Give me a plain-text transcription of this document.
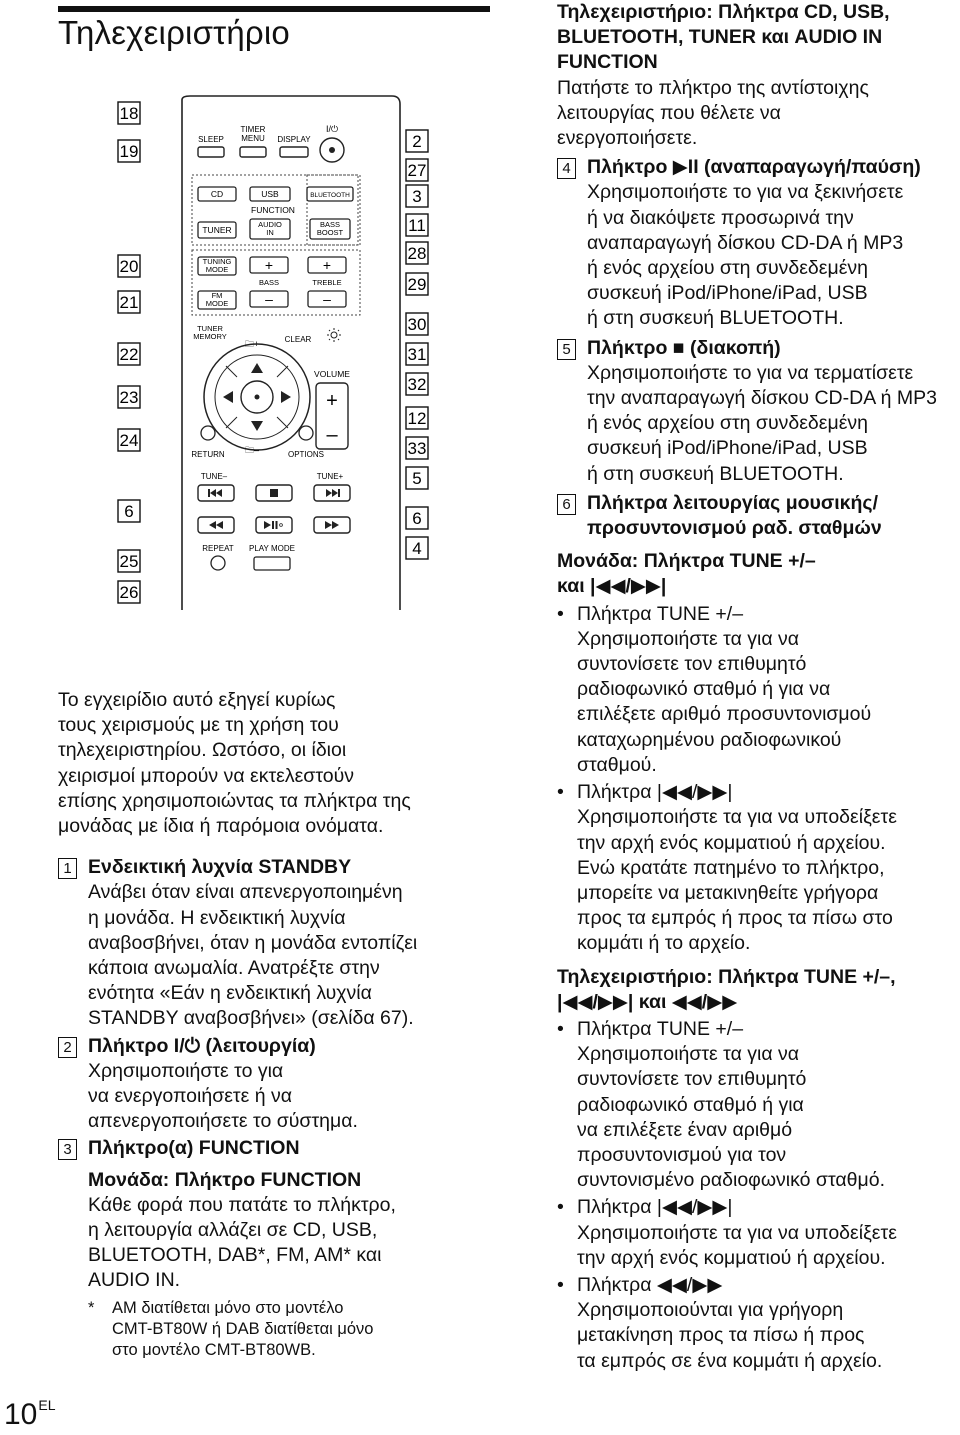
Τηλεχειριστήριο
SLEEP
TIMER MENU DISPLAY
I/⏻
CD	USB	BLUETOOTH
FUNCTION
TUNER
AUDIO IN
BASS BOOST
TUNING MODE
FM MODE
+
BASS
–
+
TREBLE
–
TUNER MEMORY
🗀+	CLEAR
VOLUME
+
–
RETURN	OPTIONS
🗀–
TUNE–	TUNE+
REPEAT PLAY MODE
18
19
20
21
22
23
24
6
25
26
2
27
3
11
28
29
30
31
32
12
33
5
6
4
Το εγχειρίδιο αυτό εξηγεί κυρίως
τους χειρισμούς με τη χρήση του
τηλεχειριστηρίου. Ωστόσο, οι ίδιοι
χειρισμοί μπορούν να εκτελεστούν
επίσης χρησιμοποιώντας τα πλήκτρα της
μονάδας με ίδια ή παρόμοια ονόματα.
1 Ενδεικτική λυχνία STANDBY
Ανάβει όταν είναι απενεργοποιημένη
η μονάδα. Η ενδεικτική λυχνία
αναβοσβήνει, όταν η μονάδα εντοπίζει
κάποια ανωμαλία. Ανατρέξτε στην
ενότητα «Εάν η ενδεικτική λυχνία
STANDBY αναβοσβήνει» (σελίδα 67).
2 Πλήκτρο I/⏻ (λειτουργία)
Χρησιμοποιήστε το για
να ενεργοποιήσετε ή να
απενεργοποιήσετε το σύστημα.
3 Πλήκτρο(α) FUNCTION
Μονάδα: Πλήκτρο FUNCTION
Κάθε φορά που πατάτε το πλήκτρο,
η λειτουργία αλλάζει σε CD, USB,
BLUETOOTH, DAB*, FM, AM* και
AUDIO IN.
* AM διατίθεται μόνο στο μοντέλο
CMT-BT80W ή DAB διατίθεται μόνο
στο μοντέλο CMT-BT80WB.
Τηλεχειριστήριο: Πλήκτρα CD, USB,
BLUETOOTH, TUNER και AUDIO IN
FUNCTION
Πατήστε το πλήκτρο της αντίστοιχης
λειτουργίας που θέλετε να
ενεργοποιήσετε.
4 Πλήκτρο ▶II (αναπαραγωγή/παύση)
Χρησιμοποιήστε το για να ξεκινήσετε
ή να διακόψετε προσωρινά την
αναπαραγωγή δίσκου CD-DA ή MP3
ή ενός αρχείου στη συνδεδεμένη
συσκευή iPod/iPhone/iPad, USB
ή στη συσκευή BLUETOOTH.
5 Πλήκτρο ■ (διακοπή)
Χρησιμοποιήστε το για να τερματίσετε
την αναπαραγωγή δίσκου CD-DA ή MP3
ή ενός αρχείου στη συνδεδεμένη
συσκευή iPod/iPhone/iPad, USB
ή στη συσκευή BLUETOOTH.
6 Πλήκτρα λειτουργίας μουσικής/
προσυντονισμού ραδ. σταθμών
Μονάδα: Πλήκτρα TUNE +/–
και |◀◀/▶▶|
• Πλήκτρα TUNE +/–
Χρησιμοποιήστε τα για να
συντονίσετε τον επιθυμητό
ραδιοφωνικό σταθμό ή για να
επιλέξετε αριθμό προσυντονισμού
καταχωρημένου ραδιοφωνικού
σταθμού.
• Πλήκτρα |◀◀/▶▶|
Χρησιμοποιήστε τα για να υποδείξετε
την αρχή ενός κομματιού ή αρχείου.
Ενώ κρατάτε πατημένο το πλήκτρο,
μπορείτε να μετακινηθείτε γρήγορα
προς τα εμπρός ή προς τα πίσω στο
κομμάτι ή το αρχείο.
Τηλεχειριστήριο: Πλήκτρα TUNE +/–,
|◀◀/▶▶| και ◀◀/▶▶
• Πλήκτρα TUNE +/–
Χρησιμοποιήστε τα για να
συντονίσετε τον επιθυμητό
ραδιοφωνικό σταθμό ή για
να επιλέξετε έναν αριθμό
προσυντονισμού για τον
συντονισμένο ραδιοφωνικό σταθμό.
• Πλήκτρα |◀◀/▶▶|
Χρησιμοποιήστε τα για να υποδείξετε
την αρχή ενός κομματιού ή αρχείου.
• Πλήκτρα ◀◀/▶▶
Χρησιμοποιούνται για γρήγορη
μετακίνηση προς τα πίσω ή προς
τα εμπρός σε ένα κομμάτι ή αρχείο.
$10^{EL}$
